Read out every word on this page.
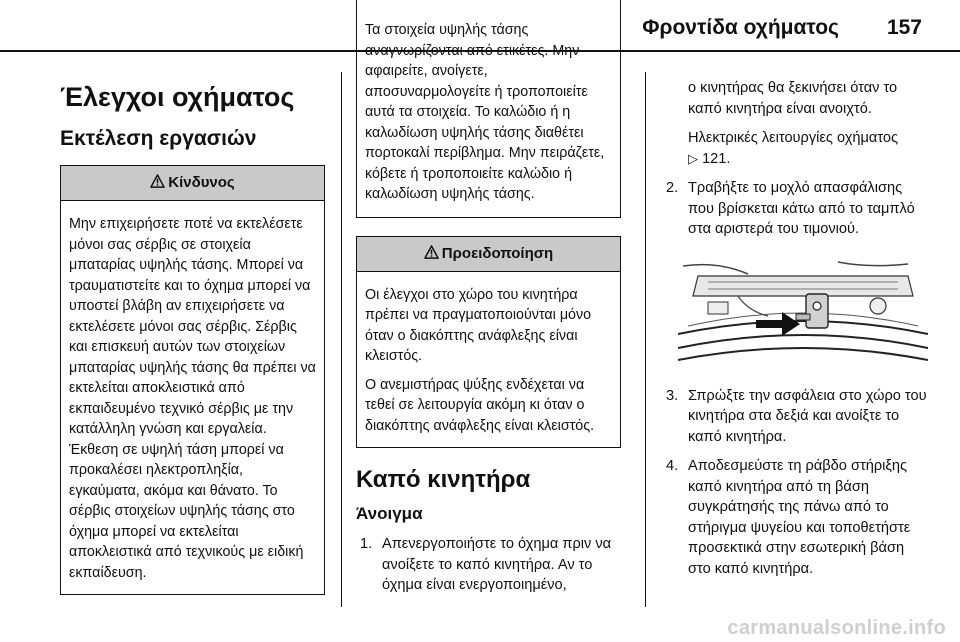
Φροντίδα οχήματος 157
Έλεγχοι οχήματος
Εκτέλεση εργασιών
Κίνδυνος

Μην επιχειρήσετε ποτέ να εκτελέσετε μόνοι σας σέρβις σε στοιχεία μπαταρίας υψηλής τάσης. Μπορεί να τραυματιστείτε και το όχημα μπορεί να υποστεί βλάβη αν επιχειρήσετε να εκτελέσετε μόνοι σας σέρβις. Σέρβις και επισκευή αυτών των στοιχείων μπαταρίας υψηλής τάσης θα πρέπει να εκτελείται αποκλειστικά από εκπαιδευμένο τεχνικό σέρβις με την κατάλληλη γνώση και εργαλεία. Έκθεση σε υψηλή τάση μπορεί να προκαλέσει ηλεκτροπληξία, εγκαύματα, ακόμα και θάνατο. Το σέρβις στοιχείων υψηλής τάσης στο όχημα μπορεί να εκτελείται αποκλειστικά από τεχνικούς με ειδική εκπαίδευση.

Τα στοιχεία υψηλής τάσης αναγνωρίζονται από ετικέτες. Μην αφαιρείτε, ανοίγετε, αποσυναρμολογείτε ή τροποποιείτε αυτά τα στοιχεία. Το καλώδιο ή η καλωδίωση υψηλής τάσης διαθέτει πορτοκαλί περίβλημα. Μην πειράζετε, κόβετε ή τροποποιείτε καλώδιο ή καλωδίωση υψηλής τάσης.

Προειδοποίηση

Οι έλεγχοι στο χώρο του κινητήρα πρέπει να πραγματοποιούνται μόνο όταν ο διακόπτης ανάφλεξης είναι κλειστός.

Ο ανεμιστήρας ψύξης ενδέχεται να τεθεί σε λειτουργία ακόμη κι όταν ο διακόπτης ανάφλεξης είναι κλειστός.

Καπό κινητήρα
Άνοιγμα
1. Απενεργοποιήστε το όχημα πριν να ανοίξετε το καπό κινητήρα. Αν το όχημα είναι ενεργοποιημένο,

ο κινητήρας θα ξεκινήσει όταν το καπό κινητήρα είναι ανοιχτό.

Ηλεκτρικές λειτουργίες οχήματος
▷ 121.

2. Τραβήξτε το μοχλό απασφάλισης που βρίσκεται κάτω από το ταμπλό στα αριστερά του τιμονιού.
3. Σπρώξτε την ασφάλεια στο χώρο του κινητήρα στα δεξιά και ανοίξτε το καπό κινητήρα.
4. Αποδεσμεύστε τη ράβδο στήριξης καπό κινητήρα από τη βάση συγκράτησής της πάνω από το στήριγμα ψυγείου και τοποθετήστε προσεκτικά στην εσωτερική βάση στο καπό κινητήρα.
carmanualsonline.info
